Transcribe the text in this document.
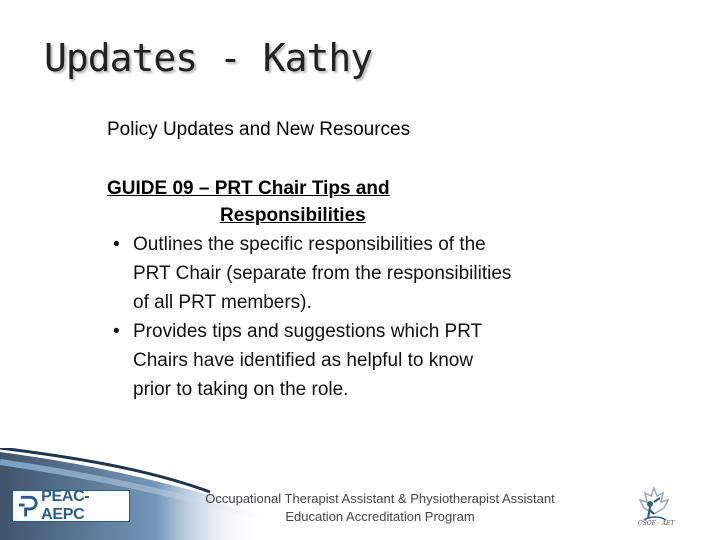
Updates - Kathy
Policy Updates and New Resources
GUIDE 09 – PRT Chair Tips and
Responsibilities
• Outlines the specific responsibilities of the
PRT Chair (separate from the responsibilities
of all PRT members).
• Provides tips and suggestions which PRT
Chairs have identified as helpful to know
prior to taking on the role.
PEAC-AEPC
Occupational Therapist Assistant & Physiotherapist Assistant
Education Accreditation Program	CSOE · AET
